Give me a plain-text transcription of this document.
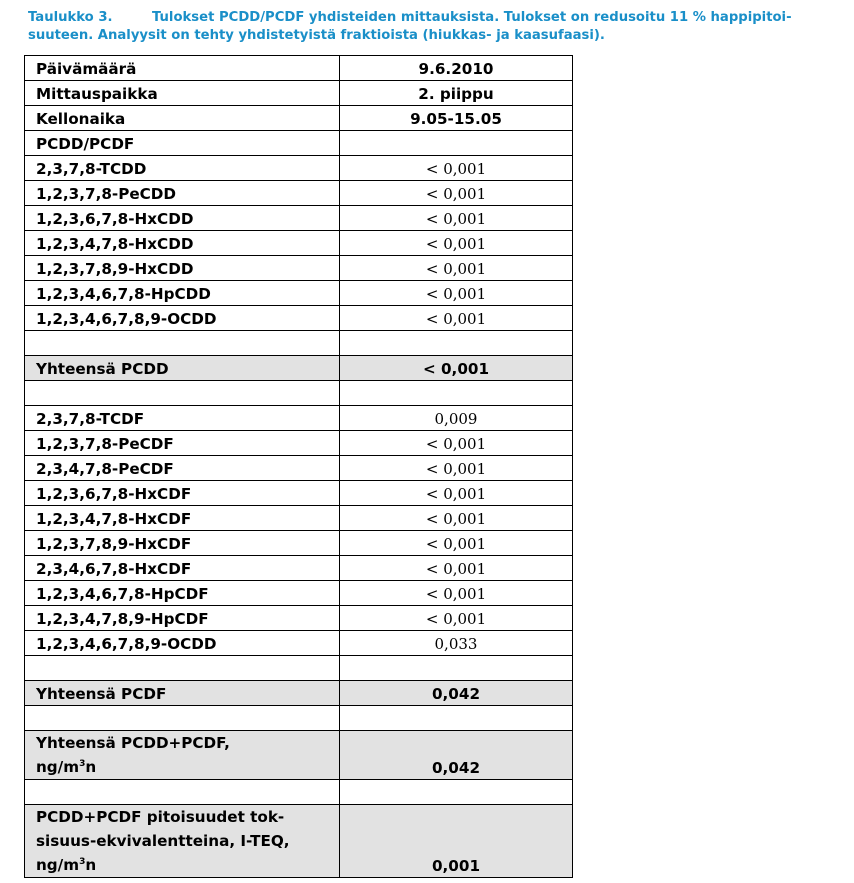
Taulukko 3.	Tulokset PCDD/PCDF yhdisteiden mittauksista. Tulokset on redusoitu 11 % happipitoi-
suuteen. Analyysit on tehty yhdistetyistä fraktioista (hiukkas- ja kaasufaasi).
Päivämäärä	9.6.2010
Mittauspaikka	2. piippu
Kellonaika	9.05-15.05
PCDD/PCDF	
2,3,7,8-TCDD	< 0,001
1,2,3,7,8-PeCDD	< 0,001
1,2,3,6,7,8-HxCDD	< 0,001
1,2,3,4,7,8-HxCDD	< 0,001
1,2,3,7,8,9-HxCDD	< 0,001
1,2,3,4,6,7,8-HpCDD	< 0,001
1,2,3,4,6,7,8,9-OCDD	< 0,001

Yhteensä PCDD	< 0,001

2,3,7,8-TCDF	0,009
1,2,3,7,8-PeCDF	< 0,001
2,3,4,7,8-PeCDF	< 0,001
1,2,3,6,7,8-HxCDF	< 0,001
1,2,3,4,7,8-HxCDF	< 0,001
1,2,3,7,8,9-HxCDF	< 0,001
2,3,4,6,7,8-HxCDF	< 0,001
1,2,3,4,6,7,8-HpCDF	< 0,001
1,2,3,4,7,8,9-HpCDF	< 0,001
1,2,3,4,6,7,8,9-OCDD	0,033

Yhteensä PCDF	0,042

Yhteensä PCDD+PCDF,
$ng/m^3n$	0,042

PCDD+PCDF pitoisuudet tok-
sisuus-ekvivalentteina, I-TEQ,
$ng/m^3n$	0,001
